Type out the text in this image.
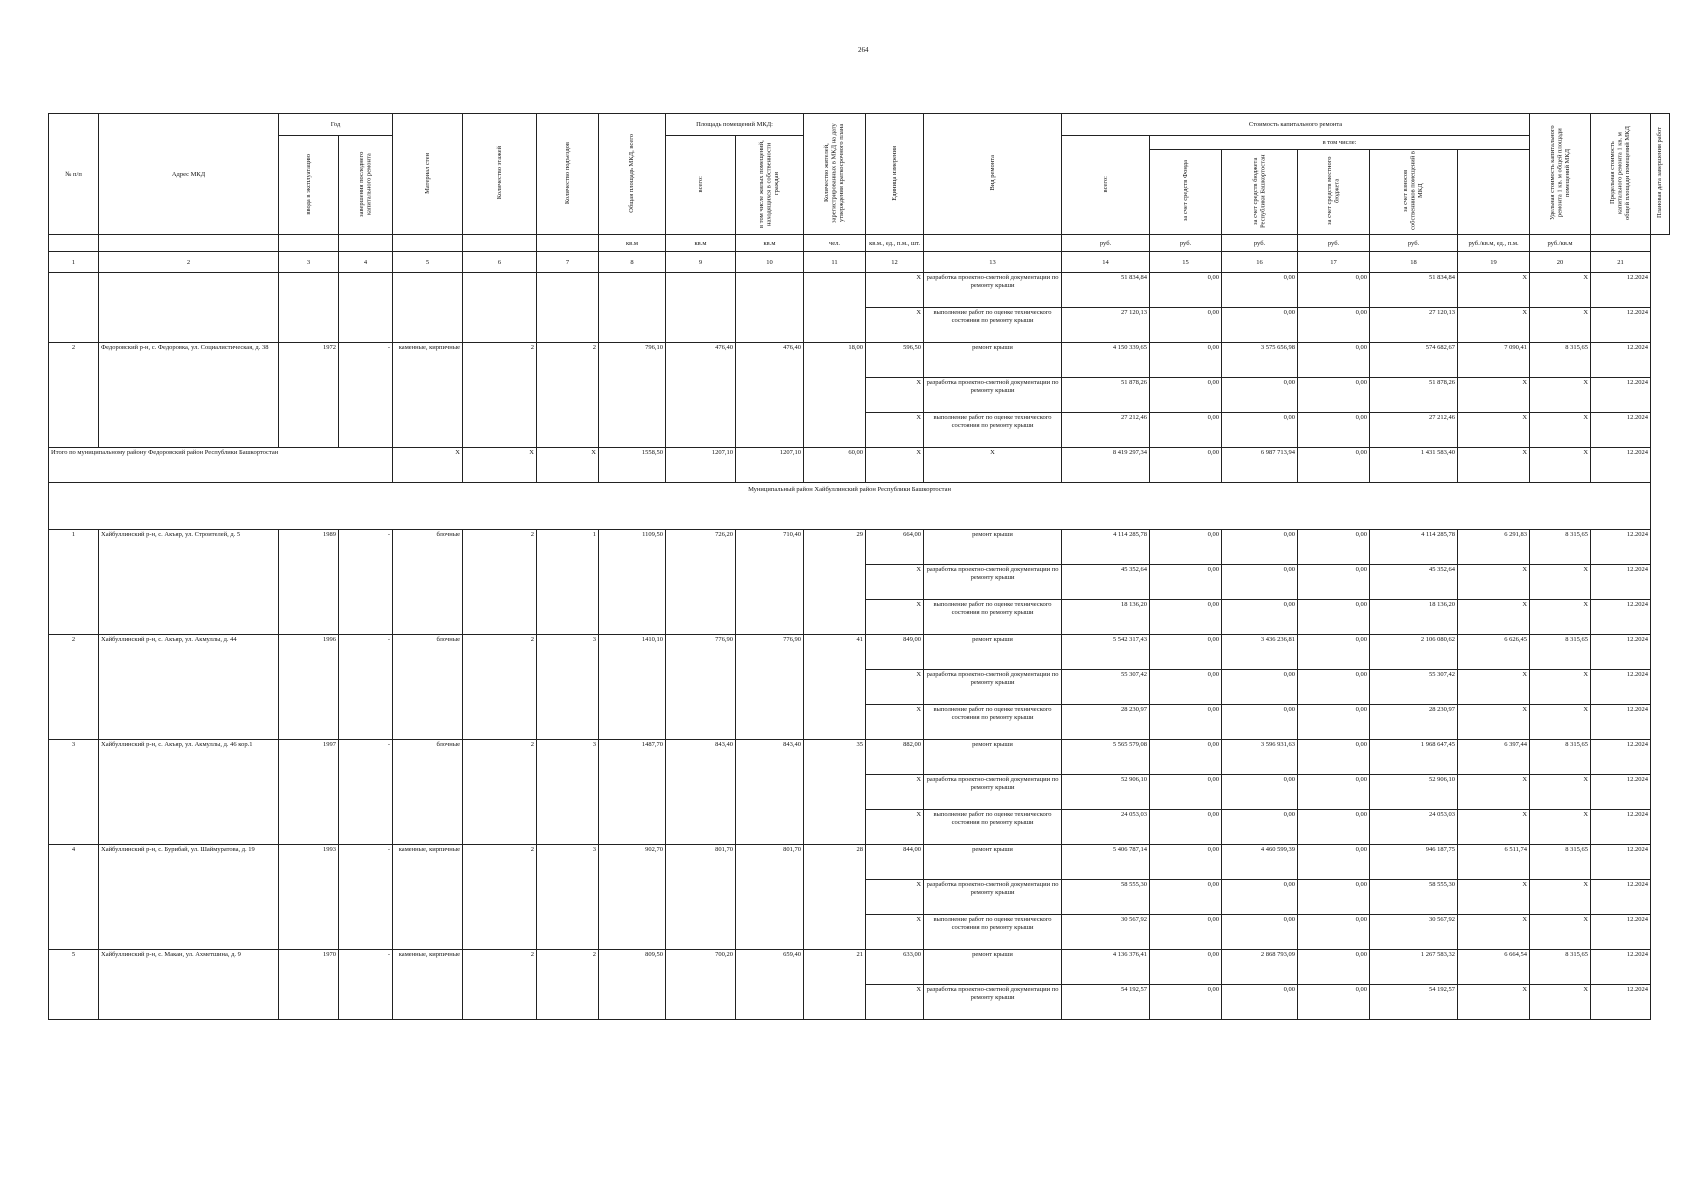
264
№ п/п	Адрес МКД	Год		Материал стен	Количество этажей	Количество подъездов	Общая площадь МКД, всего	Площадь помещений МКД:		Количество жителей, зарегистрированных в МКД на дату утверждения краткосрочного плана	Единица измерения	Вид ремонта	Стоимость капитального ремонта						Удельная стоимость капитального ремонта 1 кв. м общей площади помещений МКД	Предельная стоимость капитального ремонта 1 кв. м общей площади помещений МКД	Плановая дата завершения работ
		ввода в эксплуатацию	завершения последнего капитального ремонта					всего:	в том числе жилых помещений, находящихся в собственности граждан				всего:	в том числе:							
														за счет средств Фонда	за счет средств бюджета Республики Башкортостан	за счет средств местного бюджета	за счет взносов собственников помещений в МКД				
							кв.м	кв.м	кв.м	чел.	кв.м., ед., п.м., шт.		руб.	руб.	руб.	руб.	руб.	руб./кв.м, ед., п.м.	руб./кв.м		
1	2	3	4	5	6	7	8	9	10	11	12	13	14	15	16	17	18	19	20	21	
											X	разработка проектно-сметной документации по ремонту крыши	51 834,84	0,00	0,00	0,00	51 834,84	X	X	12.2024	
											X	выполнение работ по оценке технического состояния по ремонту крыши	27 120,13	0,00	0,00	0,00	27 120,13	X	X	12.2024	
2	Федоровский р-н, с. Федоровка, ул. Социалистическая, д. 38	1972	-	каменные, кирпичные	2	2	796,10	476,40	476,40	18,00	596,50	ремонт крыши	4 150 339,65	0,00	3 575 656,98	0,00	574 682,67	7 090,41	8 315,65	12.2024	
											X	разработка проектно-сметной документации по ремонту крыши	51 878,26	0,00	0,00	0,00	51 878,26	X	X	12.2024	
											X	выполнение работ по оценке технического состояния по ремонту крыши	27 212,46	0,00	0,00	0,00	27 212,46	X	X	12.2024	
Итого по муниципальному району Федоровский район Республики Башкортостан				X	X	X	1558,50	1207,10	1207,10	60,00	X	X	8 419 297,34	0,00	6 987 713,94	0,00	1 431 583,40	X	X	12.2024	
Муниципальный район Хайбуллинский район Республики Башкортостан																					
1	Хайбуллинский р-н, с. Акъяр, ул. Строителей, д. 5	1989	-	блочные	2	1	1109,50	726,20	710,40	29	664,00	ремонт крыши	4 114 285,78	0,00	0,00	0,00	4 114 285,78	6 291,83	8 315,65	12.2024	
											X	разработка проектно-сметной документации по ремонту крыши	45 352,64	0,00	0,00	0,00	45 352,64	X	X	12.2024	
											X	выполнение работ по оценке технического состояния по ремонту крыши	18 136,20	0,00	0,00	0,00	18 136,20	X	X	12.2024	
2	Хайбуллинский р-н, с. Акъяр, ул. Акмуллы, д. 44	1996	-	блочные	2	3	1410,10	776,90	776,90	41	849,00	ремонт крыши	5 542 317,43	0,00	3 436 236,81	0,00	2 106 080,62	6 626,45	8 315,65	12.2024	
											X	разработка проектно-сметной документации по ремонту крыши	55 307,42	0,00	0,00	0,00	55 307,42	X	X	12.2024	
											X	выполнение работ по оценке технического состояния по ремонту крыши	28 230,97	0,00	0,00	0,00	28 230,97	X	X	12.2024	
3	Хайбуллинский р-н, с. Акъяр, ул. Акмуллы, д. 46 кор.1	1997	-	блочные	2	3	1487,70	843,40	843,40	35	882,00	ремонт крыши	5 565 579,08	0,00	3 596 931,63	0,00	1 968 647,45	6 397,44	8 315,65	12.2024	
											X	разработка проектно-сметной документации по ремонту крыши	52 906,10	0,00	0,00	0,00	52 906,10	X	X	12.2024	
											X	выполнение работ по оценке технического состояния по ремонту крыши	24 053,03	0,00	0,00	0,00	24 053,03	X	X	12.2024	
4	Хайбуллинский р-н, с. Бурибай, ул. Шаймуратова, д. 19	1993	-	каменные, кирпичные	2	3	902,70	801,70	801,70	28	844,00	ремонт крыши	5 406 787,14	0,00	4 460 599,39	0,00	946 187,75	6 511,74	8 315,65	12.2024	
											X	разработка проектно-сметной документации по ремонту крыши	58 555,30	0,00	0,00	0,00	58 555,30	X	X	12.2024	
											X	выполнение работ по оценке технического состояния по ремонту крыши	30 567,92	0,00	0,00	0,00	30 567,92	X	X	12.2024	
5	Хайбуллинский р-н, с. Макан, ул. Ахметшина, д. 9	1970	-	каменные, кирпичные	2	2	809,50	700,20	659,40	21	633,00	ремонт крыши	4 136 376,41	0,00	2 868 793,09	0,00	1 267 583,32	6 664,54	8 315,65	12.2024	
											X	разработка проектно-сметной документации по ремонту крыши	54 192,57	0,00	0,00	0,00	54 192,57	X	X	12.2024	
